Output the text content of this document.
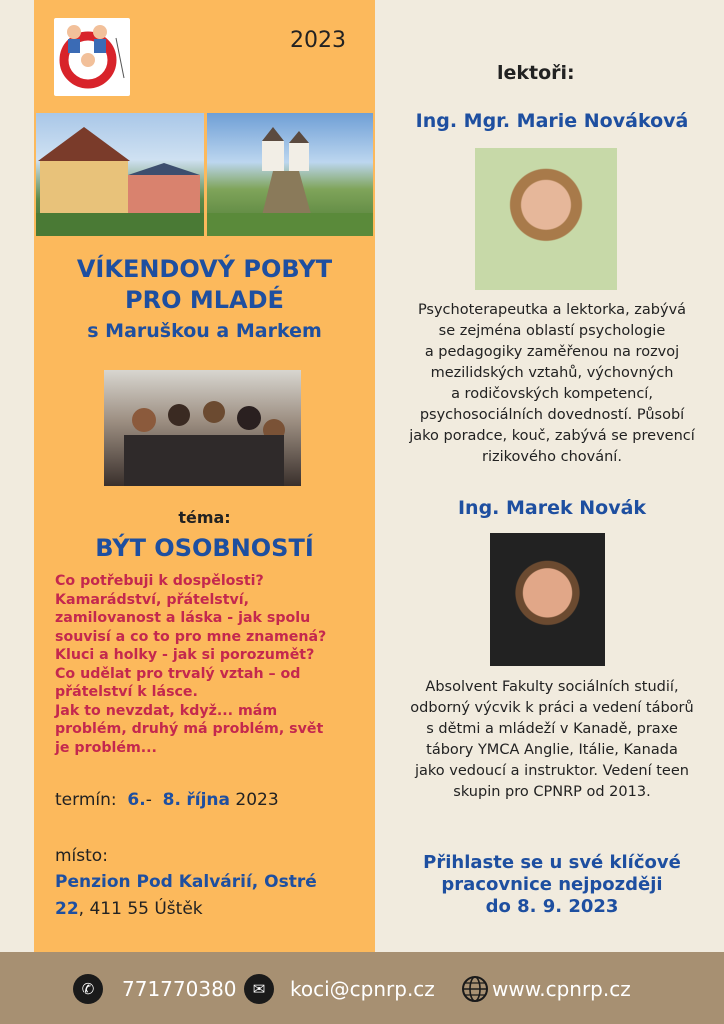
2023
VÍKENDOVÝ POBYT
PRO MLADÉ
s Maruškou a Markem
téma:
BÝT OSOBNOSTÍ
Co potřebuji k dospělosti?
Kamarádství, přátelství,
zamilovanost a láska - jak spolu
souvisí a co to pro mne znamená?
Kluci a holky - jak si porozumět?
Co udělat pro trvalý vztah – od
přátelství k lásce.
Jak to nevzdat, když... mám
problém, druhý má problém, svět
je problém...
termín: 6.- 8. října 2023
místo:
Penzion Pod Kalvárií, Ostré
22, 411 55 Úštěk
lektoři:
Ing. Mgr. Marie Nováková
Psychoterapeutka a lektorka, zabývá
se zejména oblastí psychologie
a pedagogiky zaměřenou na rozvoj
mezilidských vztahů, výchovných
a rodičovských kompetencí,
psychosociálních dovedností. Působí
jako poradce, kouč, zabývá se prevencí
rizikového chování.
Ing. Marek Novák
Absolvent Fakulty sociálních studií,
odborný výcvik k práci a vedení táborů
s dětmi a mládeží v Kanadě, praxe
tábory YMCA Anglie, Itálie, Kanada
jako vedoucí a instruktor. Vedení teen
skupin pro CPNRP od 2013.
Přihlaste se u své klíčové
pracovnice nejpozději
do 8. 9. 2023
✆	771770380	✉	koci@cpnrp.cz	www.cpnrp.cz
